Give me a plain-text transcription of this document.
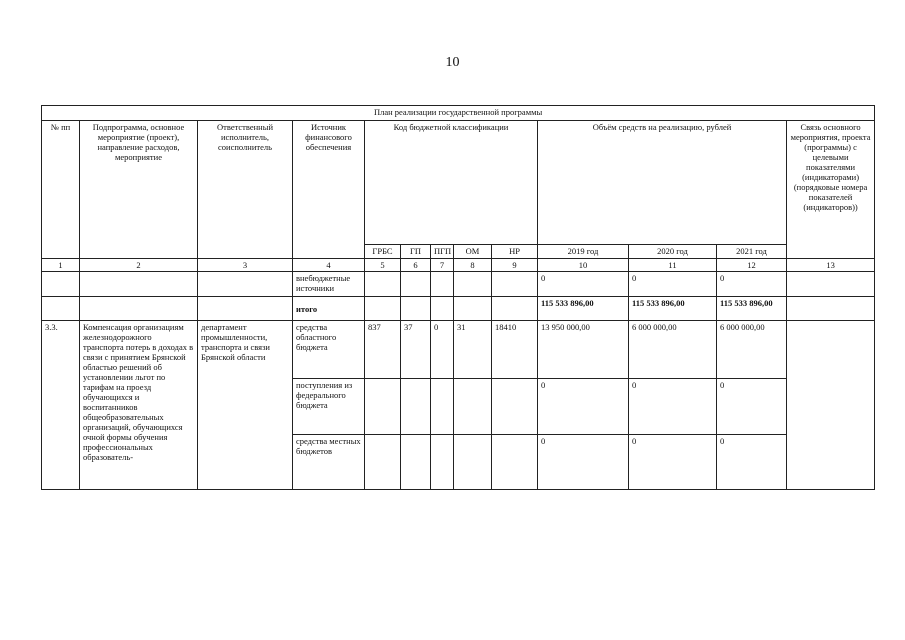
10
План реализации государственной программы												
№ пп	Подпрограмма, основное мероприятие (проект), направление расходов, мероприятие	Ответственный исполнитель, соисполнитель	Источник финансового обеспечения	Код бюджетной классификации					Объём средств на реализацию, рублей			Связь основного мероприятия, проекта (программы) с целевыми показателями (индикаторами) (порядковые номера показателей (индикаторов))
				ГРБС	ГП	ПГП	ОМ	НР	2019 год	2020 год	2021 год	
1	2	3	4	5	6	7	8	9	10	11	12	13
			внебюджетные источники						0	0	0	
			итого						115 533 896,00	115 533 896,00	115 533 896,00	
3.3.	Компенсация организациям железнодорожного транспорта потерь в доходах в связи с принятием Брянской областью решений об установлении льгот по тарифам на проезд обучающихся и воспитанников общеобразовательных организаций, обучающихся очной формы обучения профессиональных образователь-	департамент промышленности, транспорта и связи Брянской области	средства областного бюджета	837	37	0	31	18410	13 950 000,00	6 000 000,00	6 000 000,00	
			поступления из федерального бюджета						0	0	0	
			средства местных бюджетов						0	0	0	
